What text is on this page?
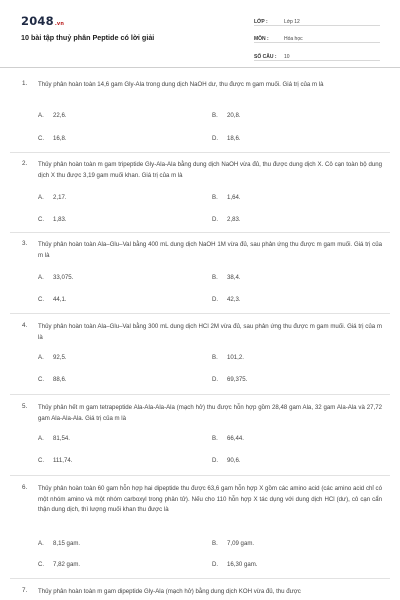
2048.vn
10 bài tập thuỷ phân Peptide có lời giải
LỚP :	Lớp 12
MÔN :	Hóa học
SỐ CÂU :	10
1. Thủy phân hoàn toàn 14,6 gam Gly-Ala trong dung dịch NaOH dư, thu được m gam muối. Giá trị của m là
A. 22,6.	B. 20,8.
C. 16,8.	D. 18,6.
2. Thủy phân hoàn toàn m gam tripeptide Gly-Ala-Ala bằng dung dịch NaOH vừa đủ, thu được dung dịch X. Cô cạn toàn bộ dung dịch X thu được 3,19 gam muối khan. Giá trị của m là
A. 2,17.	B. 1,64.
C. 1,83.	D. 2,83.
3. Thủy phân hoàn toàn Ala–Glu–Val bằng 400 mL dung dịch NaOH 1M vừa đủ, sau phản ứng thu được m gam muối. Giá trị của m là
A. 33,075.	B. 38,4.
C. 44,1.	D. 42,3.
4. Thủy phân hoàn toàn Ala–Glu–Val bằng 300 mL dung dịch HCl 2M vừa đủ, sau phản ứng thu được m gam muối. Giá trị của m là
A. 92,5.	B. 101,2.
C. 88,6.	D. 69,375.
5. Thủy phân hết m gam tetrapeptide Ala-Ala-Ala-Ala (mạch hở) thu được hỗn hợp gồm 28,48 gam Ala, 32 gam Ala-Ala và 27,72 gam Ala-Ala-Ala. Giá trị của m là
A. 81,54.	B. 66,44.
C. 111,74.	D. 90,6.
6. Thủy phân hoàn toàn 60 gam hỗn hợp hai dipeptide thu được 63,6 gam hỗn hợp X gồm các amino acid (các amino acid chỉ có một nhóm amino và một nhóm carboxyl trong phân tử). Nếu cho 110 hỗn hợp X tác dụng với dung dịch HCl (dư), cô cạn cẩn thận dung dịch, thì lượng muối khan thu được là
A. 8,15 gam.	B. 7,09 gam.
C. 7,82 gam.	D. 16,30 gam.
7. Thủy phân hoàn toàn m gam dipeptide Gly-Ala (mạch hở) bằng dung dịch KOH vừa đủ, thu được
